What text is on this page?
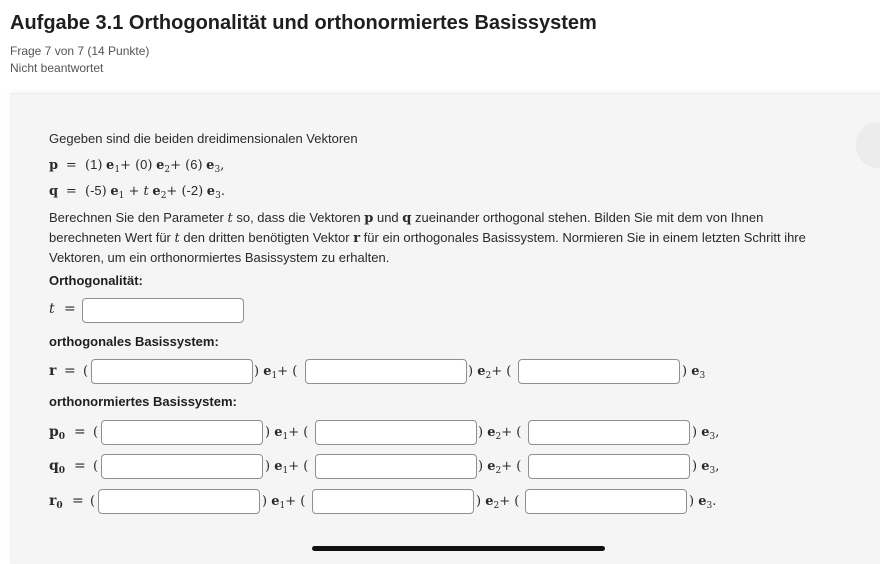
Aufgabe 3.1 Orthogonalität und orthonormiertes Basissystem
Frage 7 von 7 (14 Punkte)
Nicht beantwortet
Gegeben sind die beiden dreidimensionalen Vektoren
p  =  (1) $e_1+ (0)$ $e_2+ (6)$ $e_3$,
q  =  (-5) $e_1 + t$ $e_2+ (-2)$ $e_3$.
Berechnen Sie den Parameter t so, dass die Vektoren p und q zueinander orthogonal stehen. Bilden Sie mit dem von Ihnen berechneten Wert für t den dritten benötigten Vektor r für ein orthogonales Basissystem. Normieren Sie in einem letzten Schritt ihre Vektoren, um ein orthonormiertes Basissystem zu erhalten.
Orthogonalität:
t =
orthogonales Basissystem:
r = (	) $e_1+$ (	) $e_2+$ (	) $e_3$
orthonormiertes Basissystem:
$p_0$ = (	) $e_1+$ (	) $e_2+$ (	) $e_3$,
$q_0$ = (	) $e_1+$ (	) $e_2+$ (	) $e_3$,
$r_0$ = (	) $e_1+$ (	) $e_2+$ (	) $e_3$.
